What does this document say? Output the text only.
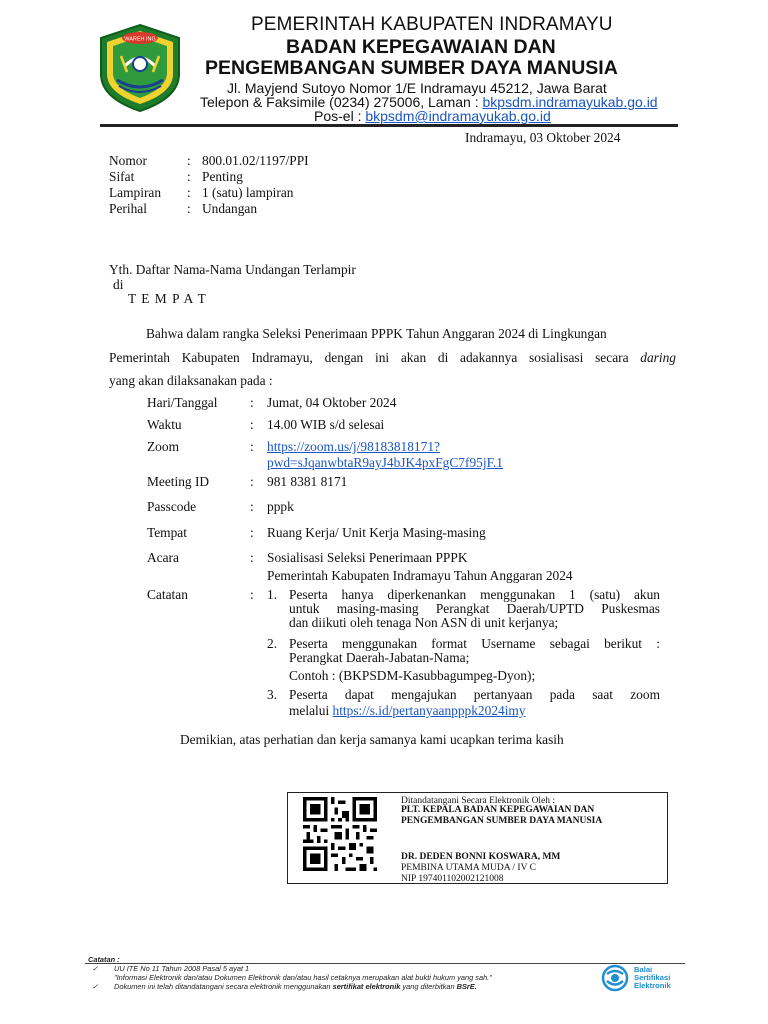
WAREH ING
PEMERINTAH KABUPATEN INDRAMAYU
BADAN KEPEGAWAIAN DAN
PENGEMBANGAN SUMBER DAYA MANUSIA
Jl. Mayjend Sutoyo Nomor 1/E Indramayu 45212, Jawa Barat
Telepon & Faksimile (0234) 275006, Laman : bkpsdm.indramayukab.go.id
Pos-el : bkpsdm@indramayukab.go.id
Indramayu, 03 Oktober 2024
Nomor	: 800.01.02/1197/PPI
Sifat	: Penting
Lampiran : 1 (satu) lampiran
Perihal	: Undangan
Yth. Daftar Nama-Nama Undangan Terlampir
di
T E M P A T
Bahwa dalam rangka Seleksi Penerimaan PPPK Tahun Anggaran 2024 di Lingkungan
Pemerintah Kabupaten Indramayu, dengan ini akan di adakannya sosialisasi secara daring
yang akan dilaksanakan pada :
Hari/Tanggal : Jumat, 04 Oktober 2024
Waktu	: 14.00 WIB s/d selesai
Zoom	: https://zoom.us/j/98183818171?
pwd=sJqanwbtaR9ayJ4bJK4pxFgC7f95jF.1
Meeting ID	: 981 8381 8171
Passcode	: pppk
Tempat	: Ruang Kerja/ Unit Kerja Masing-masing
Acara	: Sosialisasi Seleksi Penerimaan PPPK
Pemerintah Kabupaten Indramayu Tahun Anggaran 2024
Catatan	: 1. Peserta hanya diperkenankan menggunakan 1 (satu) akun
untuk masing-masing Perangkat Daerah/UPTD Puskesmas
dan diikuti oleh tenaga Non ASN di unit kerjanya;
2. Peserta menggunakan format Username sebagai berikut :
Perangkat Daerah-Jabatan-Nama;
Contoh : (BKPSDM-Kasubbagumpeg-Dyon);
3. Peserta dapat mengajukan pertanyaan pada saat zoom
melalui https://s.id/pertanyaanpppk2024imy
Demikian, atas perhatian dan kerja samanya kami ucapkan terima kasih
Ditandatangani Secara Elektronik Oleh :
PLT. KEPALA BADAN KEPEGAWAIAN DAN
PENGEMBANGAN SUMBER DAYA MANUSIA
DR. DEDEN BONNI KOSWARA, MM
PEMBINA UTAMA MUDA / IV C
NIP 197401102002121008
Catatan :
✓ UU ITE No 11 Tahun 2008 Pasal 5 ayat 1
"Informasi Elektronik dan/atau Dokumen Elektronik dan/atau hasil cetaknya merupakan alat bukti hukum yang sah."
✓ Dokumen ini telah ditandatangani secara elektronik menggunakan sertifikat elektronik yang diterbitkan BSrE.
Balai
Sertifikasi
Elektronik
